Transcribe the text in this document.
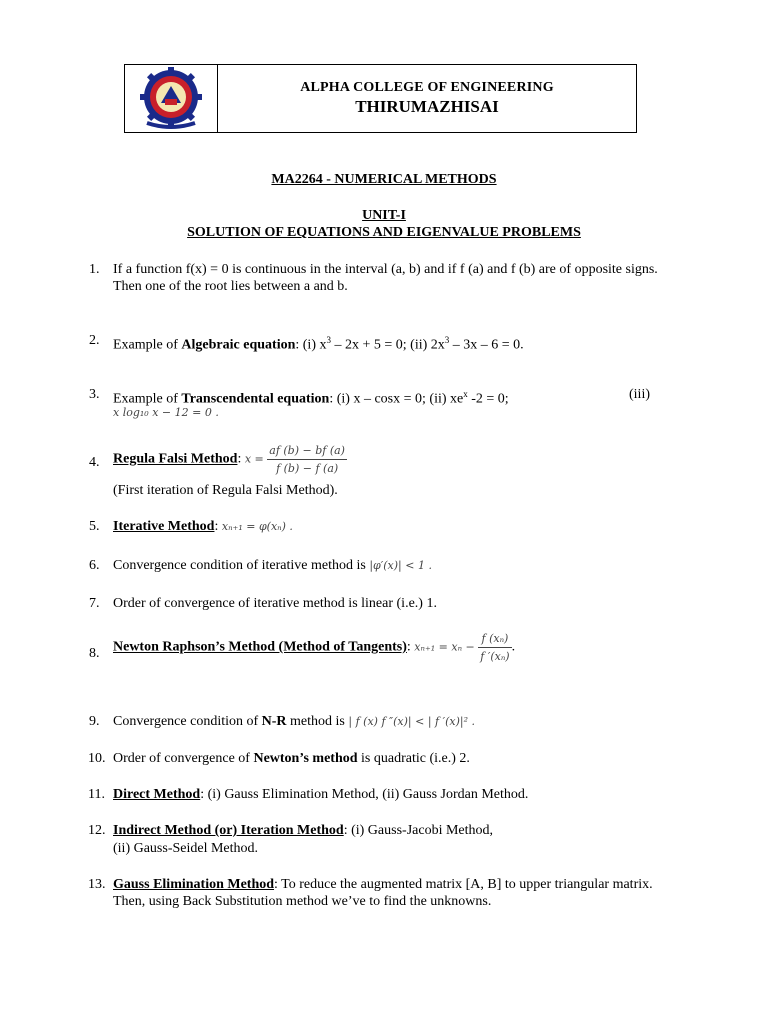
ALPHA COLLEGE OF ENGINEERING
THIRUMAZHISAI
MA2264 - NUMERICAL METHODS
UNIT-I
SOLUTION OF EQUATIONS AND EIGENVALUE PROBLEMS
1. If a function f(x) = 0 is continuous in the interval (a, b) and if f (a) and f (b) are of opposite signs. Then one of the root lies between a and b.
2. Example of Algebraic equation: (i) $x^3 - 2x + 5 = 0$; (ii) $2x^3 - 3x - 6 = 0$.
3. Example of Transcendental equation: (i) x – cosx = 0; (ii) $xe^x$ -2 = 0;	(iii)
x log₁₀ x − 12 = 0 .
4. Regula Falsi Method: $x = \frac{af (b) - bf (a)}{f (b) - f (a)}$
(First iteration of Regula Falsi Method).
5. Iterative Method: xₙ₊₁ = φ(xₙ) .
6. Convergence condition of iterative method is |φ′(x)| < 1 .
7. Order of convergence of iterative method is linear (i.e.) 1.
8. Newton Raphson’s Method (Method of Tangents): $x_{n+1} = x_n - \frac{\text{f (xₙ)}}{\text{f ′(xₙ)}}$ .
9. Convergence condition of N-R method is | f (x) f ″(x)| < | f ′(x)|² .
10. Order of convergence of Newton’s method is quadratic (i.e.) 2.
11. Direct Method: (i) Gauss Elimination Method, (ii) Gauss Jordan Method.
12. Indirect Method (or) Iteration Method: (i) Gauss-Jacobi Method,
(ii) Gauss-Seidel Method.
13. Gauss Elimination Method: To reduce the augmented matrix [A, B] to upper triangular matrix. Then, using Back Substitution method we’ve to find the unknowns.
